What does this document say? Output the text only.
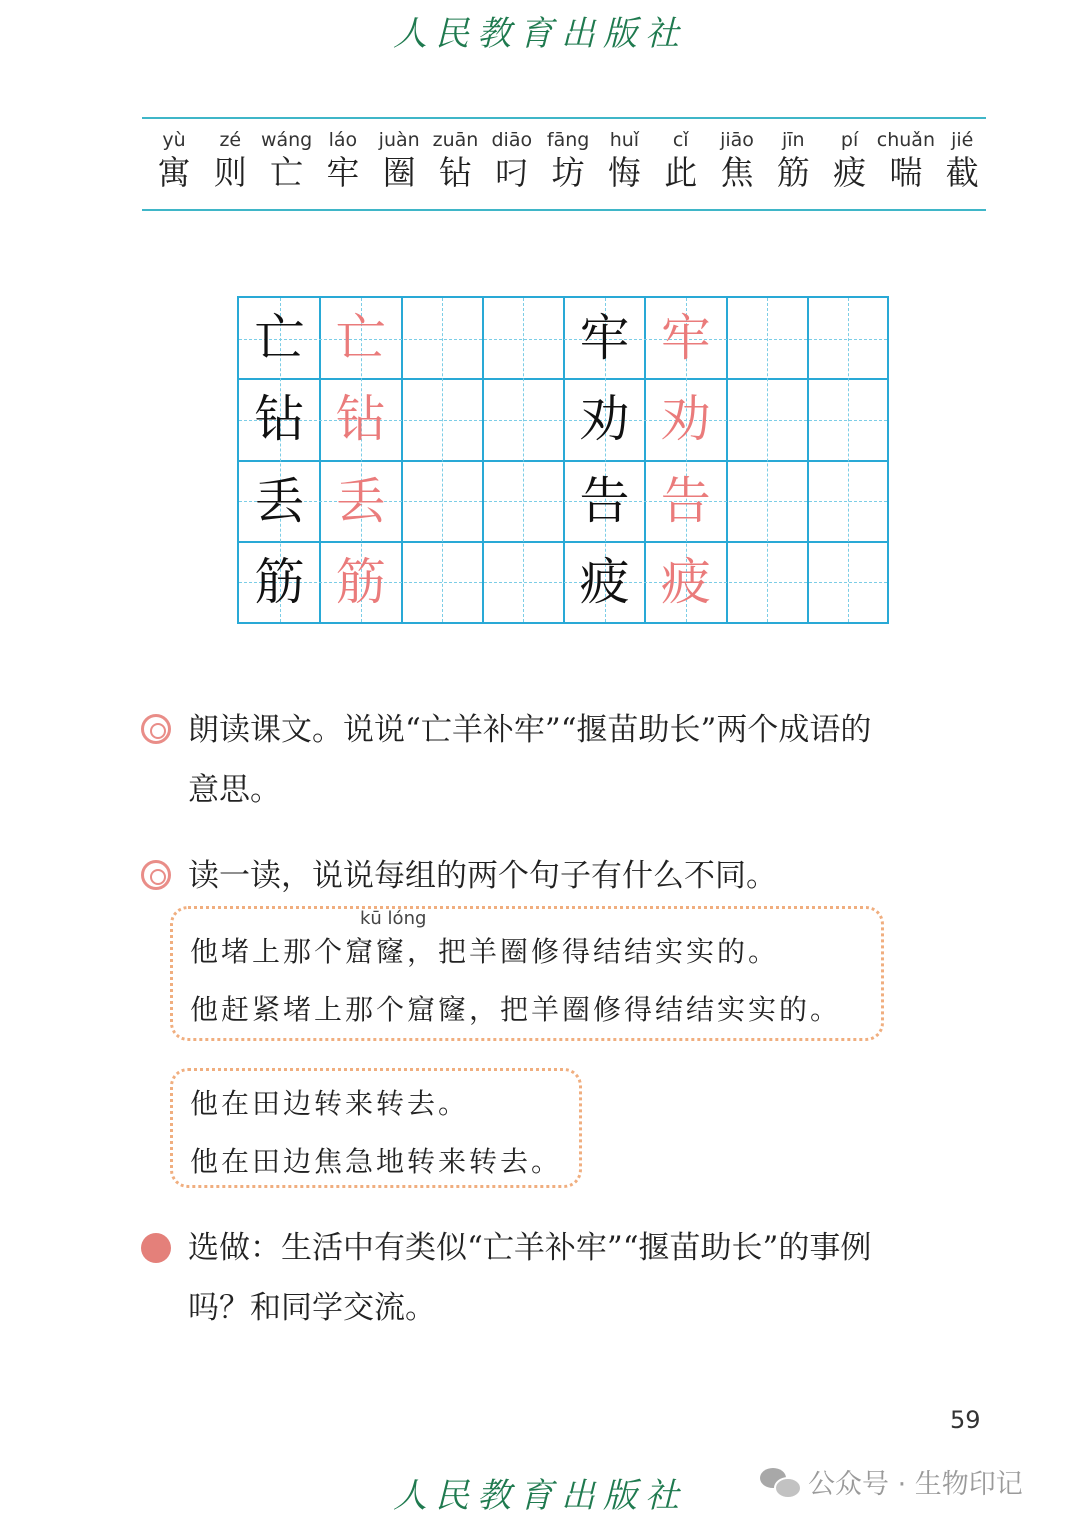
人民教育出版社
yù
寓
zé
则
wáng
亡
láo
牢
juàn
圈
zuān
钻
diāo
叼
fāng
坊
huǐ
悔
cǐ
此
jiāo
焦
jīn
筋
pí
疲
chuǎn
喘
jié
截
亡 亡
钻 钻
丢 丢
筋 筋
牢 牢
劝 劝
告 告
疲 疲
朗读课文。说说“亡羊补牢”“揠苗助长”两个成语的
意思。
读一读，说说每组的两个句子有什么不同。
kū lóng
他堵上那个窟窿，把羊圈修得结结实实的。
他赶紧堵上那个窟窿，把羊圈修得结结实实的。
他在田边转来转去。
他在田边焦急地转来转去。
选做：生活中有类似“亡羊补牢”“揠苗助长”的事例
吗？和同学交流。
59
人民教育出版社	公众号 · 生物印记
